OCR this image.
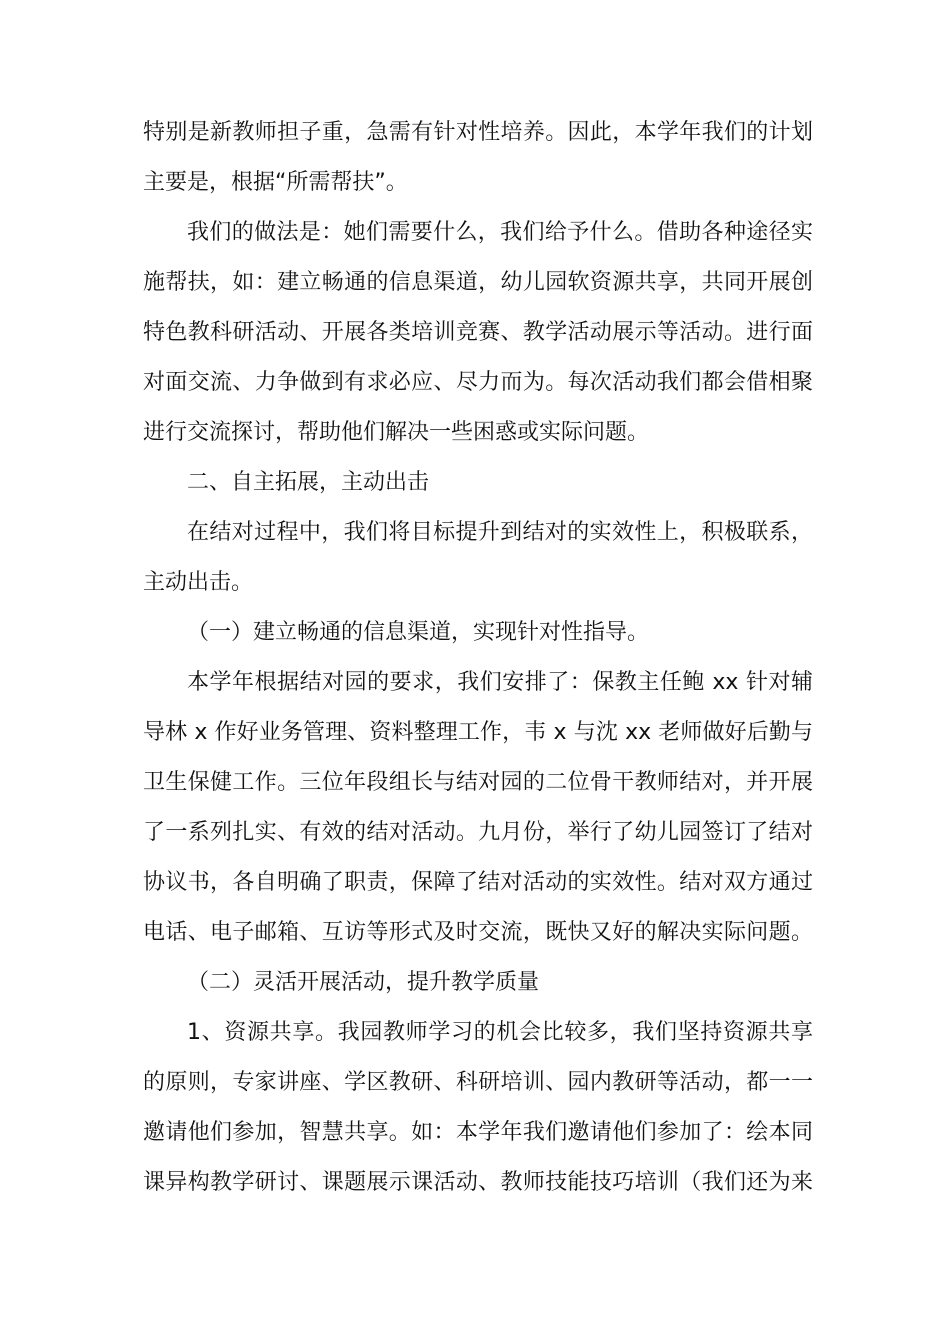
特别是新教师担子重，急需有针对性培养。因此，本学年我们的计划
主要是，根据“所需帮扶”。
我们的做法是：她们需要什么，我们给予什么。借助各种途径实
施帮扶，如：建立畅通的信息渠道，幼儿园软资源共享，共同开展创
特色教科研活动、开展各类培训竞赛、教学活动展示等活动。进行面
对面交流、力争做到有求必应、尽力而为。每次活动我们都会借相聚
进行交流探讨，帮助他们解决一些困惑或实际问题。
二、自主拓展，主动出击
在结对过程中，我们将目标提升到结对的实效性上，积极联系，
主动出击。
（一）建立畅通的信息渠道，实现针对性指导。
本学年根据结对园的要求，我们安排了：保教主任鲍 xx 针对辅
导林 x 作好业务管理、资料整理工作，韦 x 与沈 xx 老师做好后勤与
卫生保健工作。三位年段组长与结对园的二位骨干教师结对，并开展
了一系列扎实、有效的结对活动。九月份，举行了幼儿园签订了结对
协议书，各自明确了职责，保障了结对活动的实效性。结对双方通过
电话、电子邮箱、互访等形式及时交流，既快又好的解决实际问题。
（二）灵活开展活动，提升教学质量
1、资源共享。我园教师学习的机会比较多，我们坚持资源共享
的原则，专家讲座、学区教研、科研培训、园内教研等活动，都一一
邀请他们参加，智慧共享。如：本学年我们邀请他们参加了：绘本同
课异构教学研讨、课题展示课活动、教师技能技巧培训（我们还为来
